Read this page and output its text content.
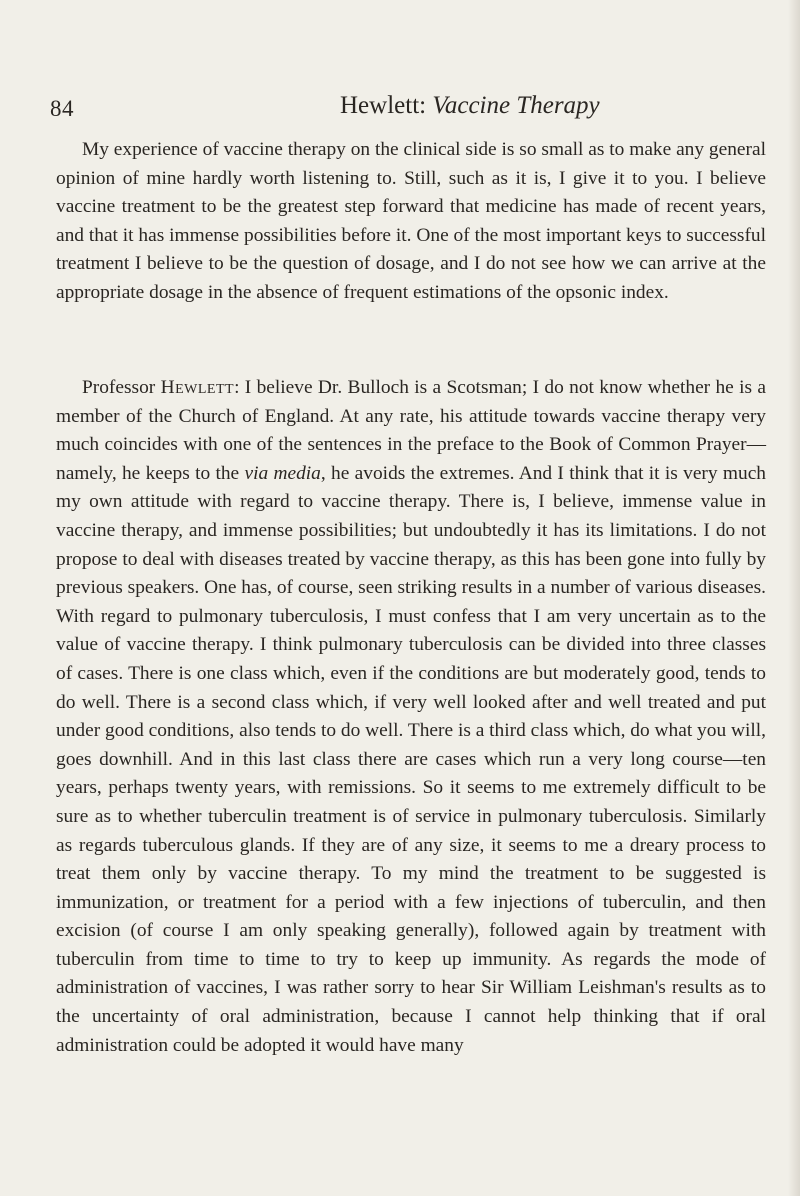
84	Hewlett: Vaccine Therapy

My experience of vaccine therapy on the clinical side is so small as to make any general opinion of mine hardly worth listening to. Still, such as it is, I give it to you. I believe vaccine treatment to be the greatest step forward that medicine has made of recent years, and that it has immense possibilities before it. One of the most important keys to successful treatment I believe to be the question of dosage, and I do not see how we can arrive at the appropriate dosage in the absence of frequent estimations of the opsonic index.

Professor Hewlett: I believe Dr. Bulloch is a Scotsman; I do not know whether he is a member of the Church of England. At any rate, his attitude towards vaccine therapy very much coincides with one of the sentences in the preface to the Book of Common Prayer—namely, he keeps to the via media, he avoids the extremes. And I think that it is very much my own attitude with regard to vaccine therapy. There is, I believe, immense value in vaccine therapy, and immense possibilities; but undoubtedly it has its limitations. I do not propose to deal with diseases treated by vaccine therapy, as this has been gone into fully by previous speakers. One has, of course, seen striking results in a number of various diseases. With regard to pulmonary tuberculosis, I must confess that I am very uncertain as to the value of vaccine therapy. I think pulmonary tuberculosis can be divided into three classes of cases. There is one class which, even if the conditions are but moderately good, tends to do well. There is a second class which, if very well looked after and well treated and put under good conditions, also tends to do well. There is a third class which, do what you will, goes downhill. And in this last class there are cases which run a very long course—ten years, perhaps twenty years, with remissions. So it seems to me extremely difficult to be sure as to whether tuberculin treatment is of service in pulmonary tuberculosis. Similarly as regards tuberculous glands. If they are of any size, it seems to me a dreary process to treat them only by vaccine therapy. To my mind the treatment to be suggested is immunization, or treatment for a period with a few injections of tuberculin, and then excision (of course I am only speaking generally), followed again by treatment with tuberculin from time to time to try to keep up immunity. As regards the mode of administration of vaccines, I was rather sorry to hear Sir William Leishman's results as to the uncertainty of oral administration, because I cannot help thinking that if oral administration could be adopted it would have many
